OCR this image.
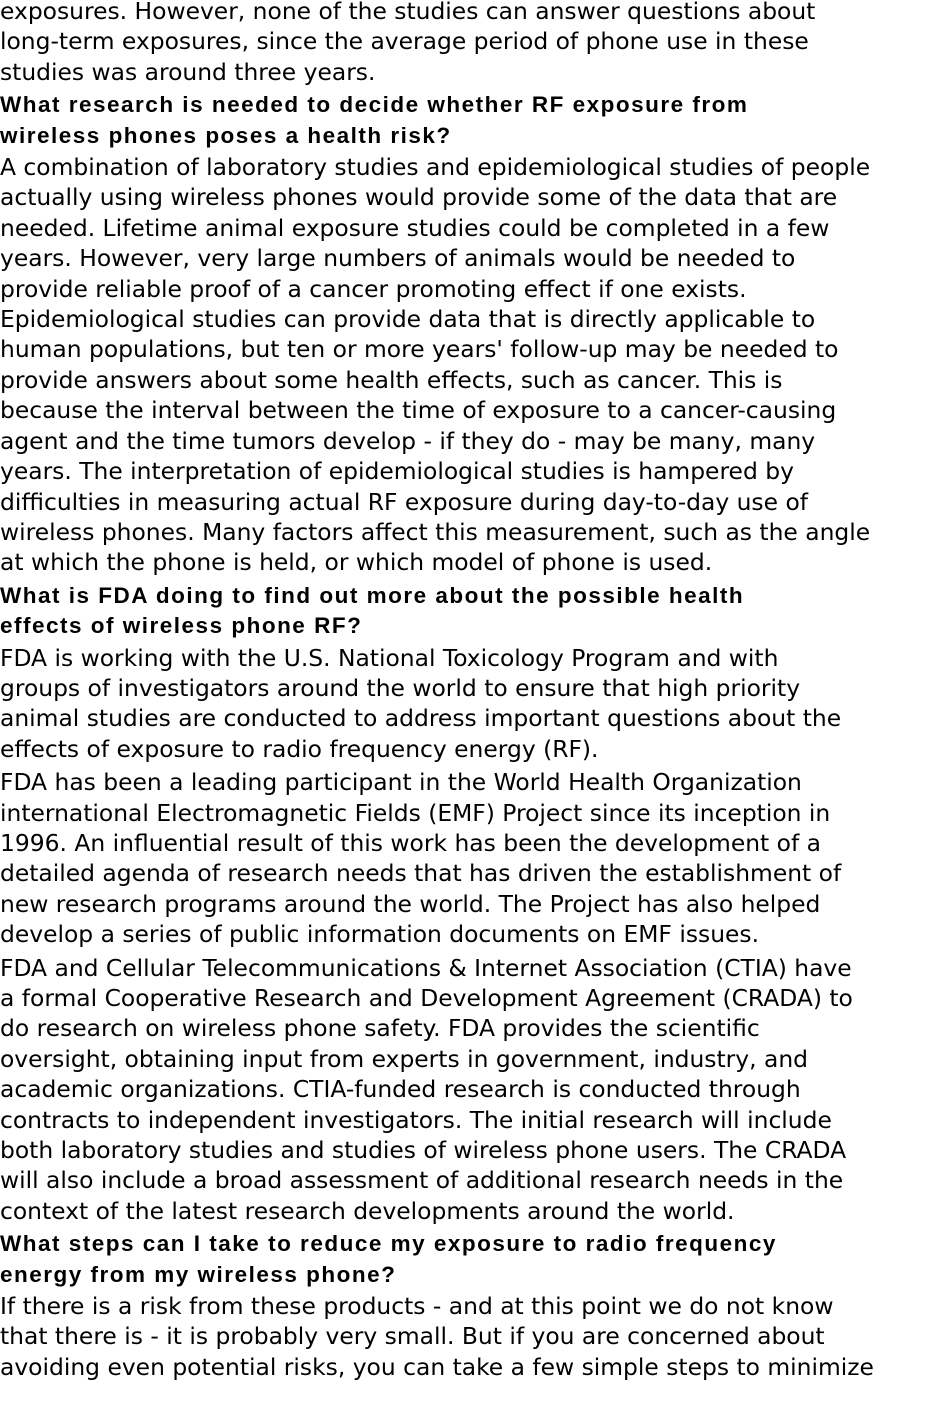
exposures. However, none of the studies can answer questions about
long-term exposures, since the average period of phone use in these
studies was around three years.

What research is needed to decide whether RF exposure from
wireless phones poses a health risk?

A combination of laboratory studies and epidemiological studies of people
actually using wireless phones would provide some of the data that are
needed. Lifetime animal exposure studies could be completed in a few
years. However, very large numbers of animals would be needed to
provide reliable proof of a cancer promoting effect if one exists.
Epidemiological studies can provide data that is directly applicable to
human populations, but ten or more years' follow-up may be needed to
provide answers about some health effects, such as cancer. This is
because the interval between the time of exposure to a cancer-causing
agent and the time tumors develop - if they do - may be many, many
years. The interpretation of epidemiological studies is hampered by
difficulties in measuring actual RF exposure during day-to-day use of
wireless phones. Many factors affect this measurement, such as the angle
at which the phone is held, or which model of phone is used.

What is FDA doing to find out more about the possible health
effects of wireless phone RF?

FDA is working with the U.S. National Toxicology Program and with
groups of investigators around the world to ensure that high priority
animal studies are conducted to address important questions about the
effects of exposure to radio frequency energy (RF).

FDA has been a leading participant in the World Health Organization
international Electromagnetic Fields (EMF) Project since its inception in
1996. An influential result of this work has been the development of a
detailed agenda of research needs that has driven the establishment of
new research programs around the world. The Project has also helped
develop a series of public information documents on EMF issues.

FDA and Cellular Telecommunications & Internet Association (CTIA) have
a formal Cooperative Research and Development Agreement (CRADA) to
do research on wireless phone safety. FDA provides the scientific
oversight, obtaining input from experts in government, industry, and
academic organizations. CTIA-funded research is conducted through
contracts to independent investigators. The initial research will include
both laboratory studies and studies of wireless phone users. The CRADA
will also include a broad assessment of additional research needs in the
context of the latest research developments around the world.

What steps can I take to reduce my exposure to radio frequency
energy from my wireless phone?

If there is a risk from these products - and at this point we do not know
that there is - it is probably very small. But if you are concerned about
avoiding even potential risks, you can take a few simple steps to minimize
